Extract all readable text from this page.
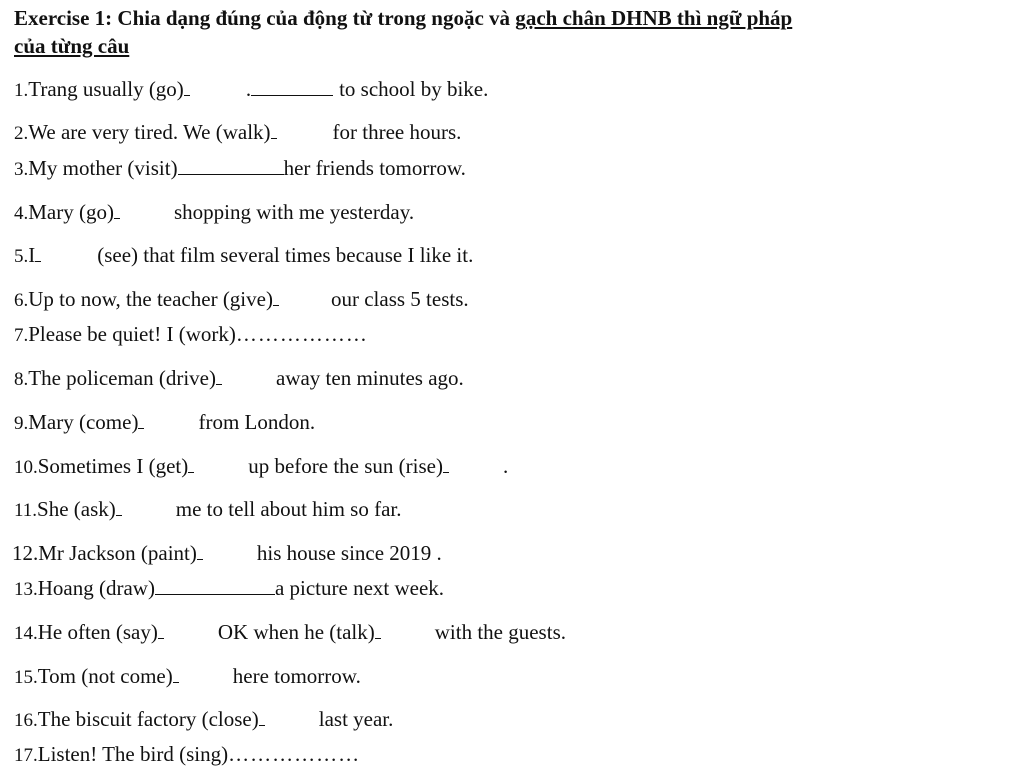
Exercise 1: Chia dạng đúng của động từ trong ngoặc và gạch chân DHNB thì ngữ pháp
của từng câu
1.Trang usually (go)	.	to school by bike.
2.We are very tired. We (walk)	for three hours.
3.My mother (visit)	her friends tomorrow.
4.Mary (go)	shopping with me yesterday.
5.I	(see) that film several times because I like it.
6.Up to now, the teacher (give)	our class 5 tests.
7.Please be quiet! I (work)………………
8.The policeman (drive)	away ten minutes ago.
9.Mary (come)	from London.
10.Sometimes I (get)	up before the sun (rise)	.
11.She (ask)	me to tell about him so far.
12.Mr Jackson (paint)	his house since 2019 .
13.Hoang (draw)	a picture next week.
14.He often (say)	OK when he (talk)	with the guests.
15.Tom (not come)	here tomorrow.
16.The biscuit factory (close)	last year.
17.Listen! The bird (sing)………………
